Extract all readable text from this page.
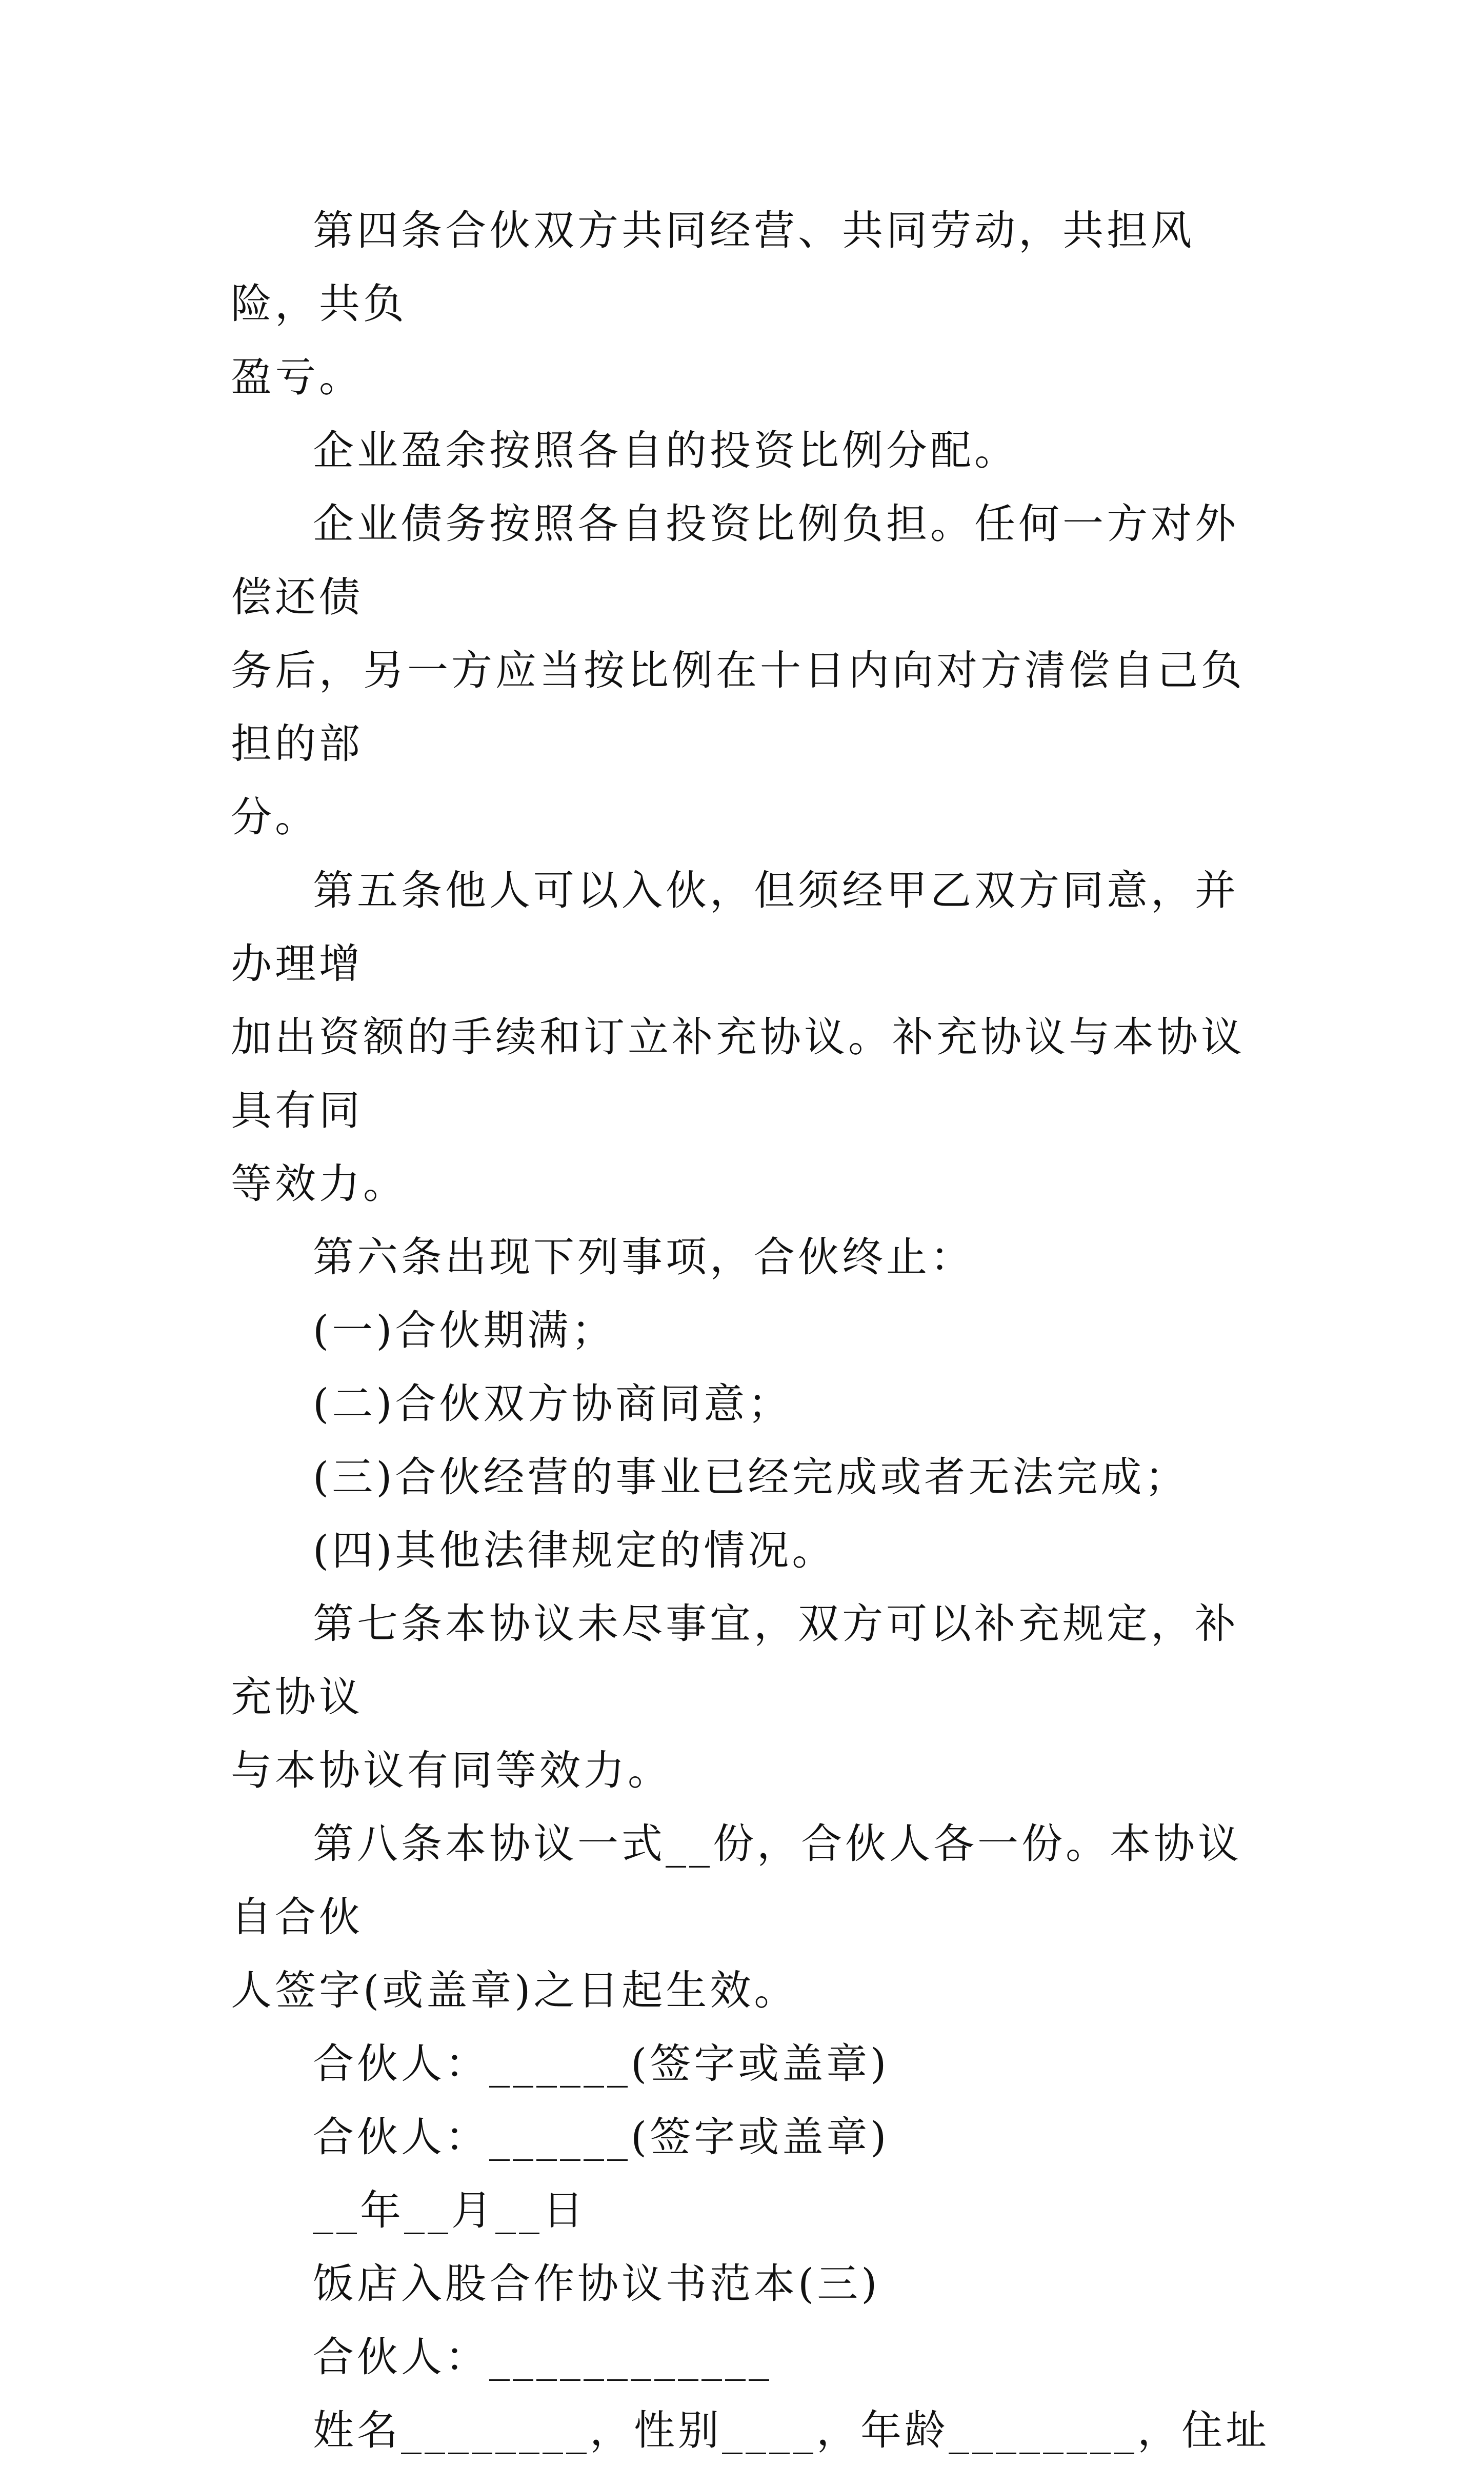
第四条合伙双方共同经营、共同劳动，共担风险，共负
盈亏。

企业盈余按照各自的投资比例分配。

企业债务按照各自投资比例负担。任何一方对外偿还债
务后，另一方应当按比例在十日内向对方清偿自己负担的部
分。

第五条他人可以入伙，但须经甲乙双方同意，并办理增
加出资额的手续和订立补充协议。补充协议与本协议具有同
等效力。

第六条出现下列事项，合伙终止：

(一)合伙期满；

(二)合伙双方协商同意；

(三)合伙经营的事业已经完成或者无法完成；

(四)其他法律规定的情况。

第七条本协议未尽事宜，双方可以补充规定，补充协议
与本协议有同等效力。

第八条本协议一式__份，合伙人各一份。本协议自合伙
人签字(或盖章)之日起生效。

合伙人：______(签字或盖章)

合伙人：______(签字或盖章)

__年__月__日

饭店入股合作协议书范本(三)

合伙人：____________

姓名________，性别____，年龄________，住址
